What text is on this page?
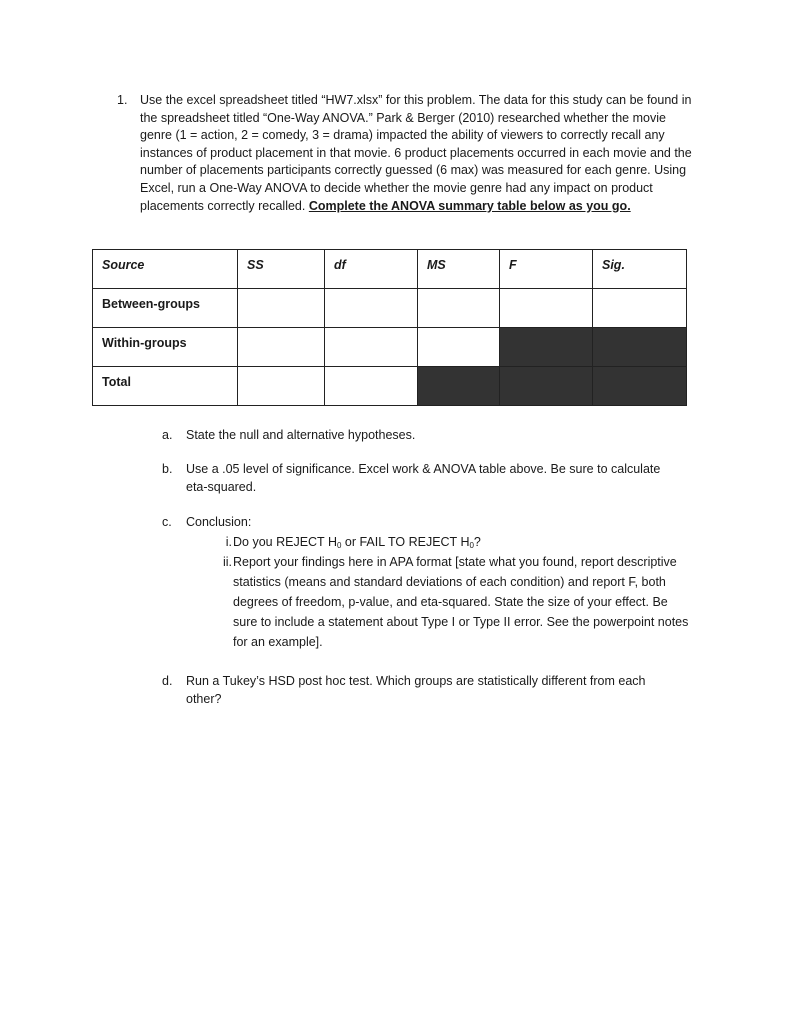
1. Use the excel spreadsheet titled “HW7.xlsx” for this problem. The data for this study can be found in the spreadsheet titled “One-Way ANOVA.” Park & Berger (2010) researched whether the movie genre (1 = action, 2 = comedy, 3 = drama) impacted the ability of viewers to correctly recall any instances of product placement in that movie. 6 product placements occurred in each movie and the number of placements participants correctly guessed (6 max) was measured for each genre. Using Excel, run a One-Way ANOVA to decide whether the movie genre had any impact on product placements correctly recalled. Complete the ANOVA summary table below as you go.
Source	SS	df	MS	F	Sig.
Between-groups					
Within-groups					
Total					
a. State the null and alternative hypotheses.
b. Use a .05 level of significance. Excel work & ANOVA table above. Be sure to calculate eta-squared.
c. Conclusion:
i. Do you REJECT $H_0$ or FAIL TO REJECT $H_0$?
ii. Report your findings here in APA format [state what you found, report descriptive statistics (means and standard deviations of each condition) and report F, both degrees of freedom, p-value, and eta-squared. State the size of your effect. Be sure to include a statement about Type I or Type II error. See the powerpoint notes for an example].
d. Run a Tukey’s HSD post hoc test. Which groups are statistically different from each other?
